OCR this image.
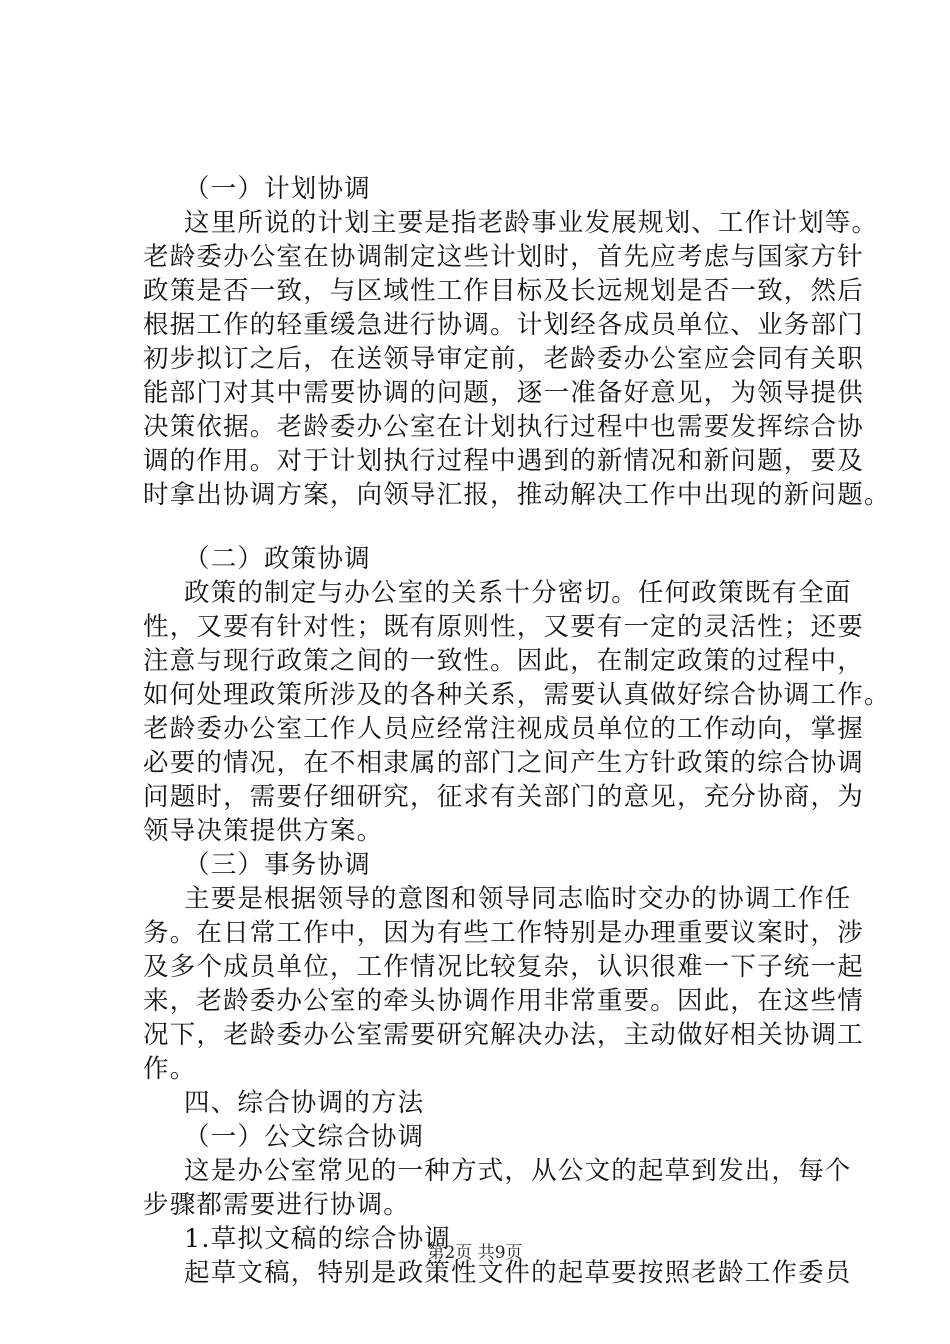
（一）计划协调
这里所说的计划主要是指老龄事业发展规划、工作计划等。
老龄委办公室在协调制定这些计划时，首先应考虑与国家方针
政策是否一致，与区域性工作目标及长远规划是否一致，然后
根据工作的轻重缓急进行协调。计划经各成员单位、业务部门
初步拟订之后，在送领导审定前，老龄委办公室应会同有关职
能部门对其中需要协调的问题，逐一准备好意见，为领导提供
决策依据。老龄委办公室在计划执行过程中也需要发挥综合协
调的作用。对于计划执行过程中遇到的新情况和新问题，要及
时拿出协调方案，向领导汇报，推动解决工作中出现的新问题。
（二）政策协调
政策的制定与办公室的关系十分密切。任何政策既有全面
性，又要有针对性；既有原则性，又要有一定的灵活性；还要
注意与现行政策之间的一致性。因此，在制定政策的过程中，
如何处理政策所涉及的各种关系，需要认真做好综合协调工作。
老龄委办公室工作人员应经常注视成员单位的工作动向，掌握
必要的情况，在不相隶属的部门之间产生方针政策的综合协调
问题时，需要仔细研究，征求有关部门的意见，充分协商，为
领导决策提供方案。
（三）事务协调
主要是根据领导的意图和领导同志临时交办的协调工作任
务。在日常工作中，因为有些工作特别是办理重要议案时，涉
及多个成员单位，工作情况比较复杂，认识很难一下子统一起
来，老龄委办公室的牵头协调作用非常重要。因此，在这些情
况下，老龄委办公室需要研究解决办法，主动做好相关协调工
作。
四、综合协调的方法
（一）公文综合协调
这是办公室常见的一种方式，从公文的起草到发出，每个
步骤都需要进行协调。
1.草拟文稿的综合协调
起草文稿，特别是政策性文件的起草要按照老龄工作委员
第2页 共9页
